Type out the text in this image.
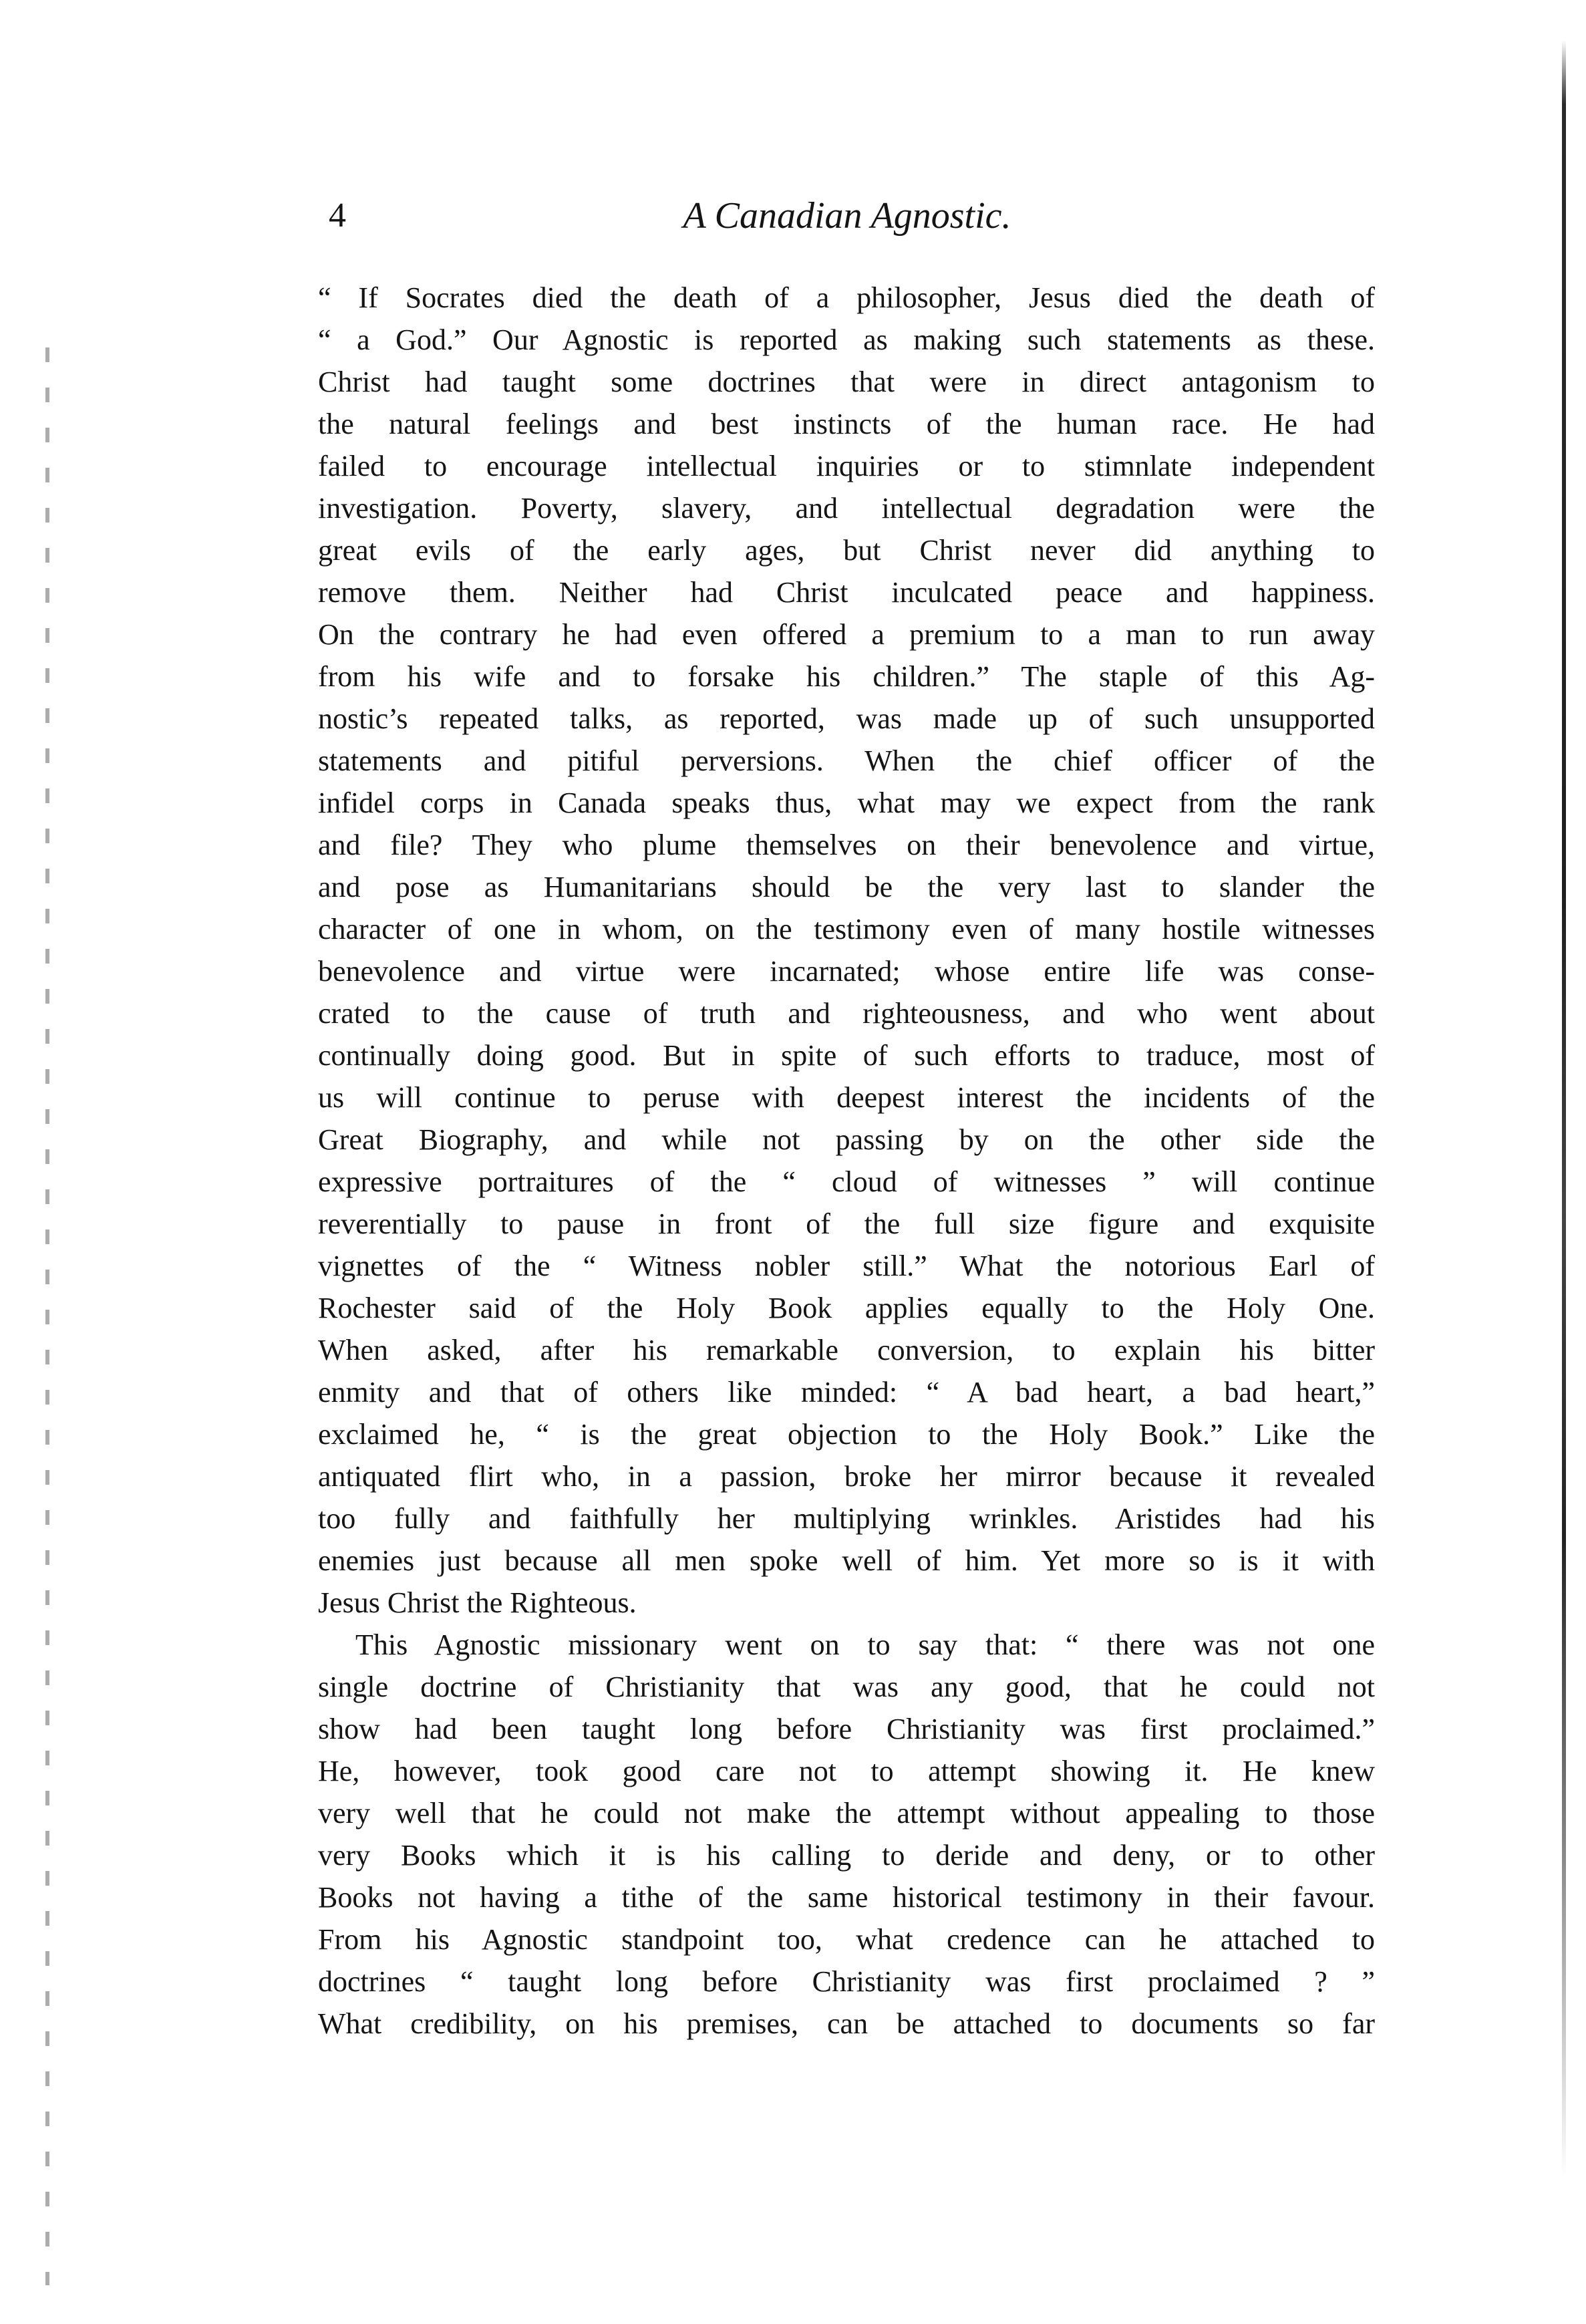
4	A Canadian Agnostic.
“ If Socrates died the death of a philosopher, Jesus died the death of
“ a God.” Our Agnostic is reported as making such statements as these.
Christ had taught some doctrines that were in direct antagonism to
the natural feelings and best instincts of the human race. He had
failed to encourage intellectual inquiries or to stimnlate independent
investigation. Poverty, slavery, and intellectual degradation were the
great evils of the early ages, but Christ never did anything to
remove them. Neither had Christ inculcated peace and happiness.
On the contrary he had even offered a premium to a man to run away
from his wife and to forsake his children.” The staple of this Ag-
nostic’s repeated talks, as reported, was made up of such unsupported
statements and pitiful perversions. When the chief officer of the
infidel corps in Canada speaks thus, what may we expect from the rank
and file? They who plume themselves on their benevolence and virtue,
and pose as Humanitarians should be the very last to slander the
character of one in whom, on the testimony even of many hostile witnesses
benevolence and virtue were incarnated; whose entire life was conse-
crated to the cause of truth and righteousness, and who went about
continually doing good. But in spite of such efforts to traduce, most of
us will continue to peruse with deepest interest the incidents of the
Great Biography, and while not passing by on the other side the
expressive portraitures of the “ cloud of witnesses ” will continue
reverentially to pause in front of the full size figure and exquisite
vignettes of the “ Witness nobler still.” What the notorious Earl of
Rochester said of the Holy Book applies equally to the Holy One.
When asked, after his remarkable conversion, to explain his bitter
enmity and that of others like minded: “ A bad heart, a bad heart,”
exclaimed he, “ is the great objection to the Holy Book.” Like the
antiquated flirt who, in a passion, broke her mirror because it revealed
too fully and faithfully her multiplying wrinkles. Aristides had his
enemies just because all men spoke well of him. Yet more so is it with
Jesus Christ the Righteous.
This Agnostic missionary went on to say that: “ there was not one
single doctrine of Christianity that was any good, that he could not
show had been taught long before Christianity was first proclaimed.”
He, however, took good care not to attempt showing it. He knew
very well that he could not make the attempt without appealing to those
very Books which it is his calling to deride and deny, or to other
Books not having a tithe of the same historical testimony in their favour.
From his Agnostic standpoint too, what credence can he attached to
doctrines “ taught long before Christianity was first proclaimed ? ”
What credibility, on his premises, can be attached to documents so far
